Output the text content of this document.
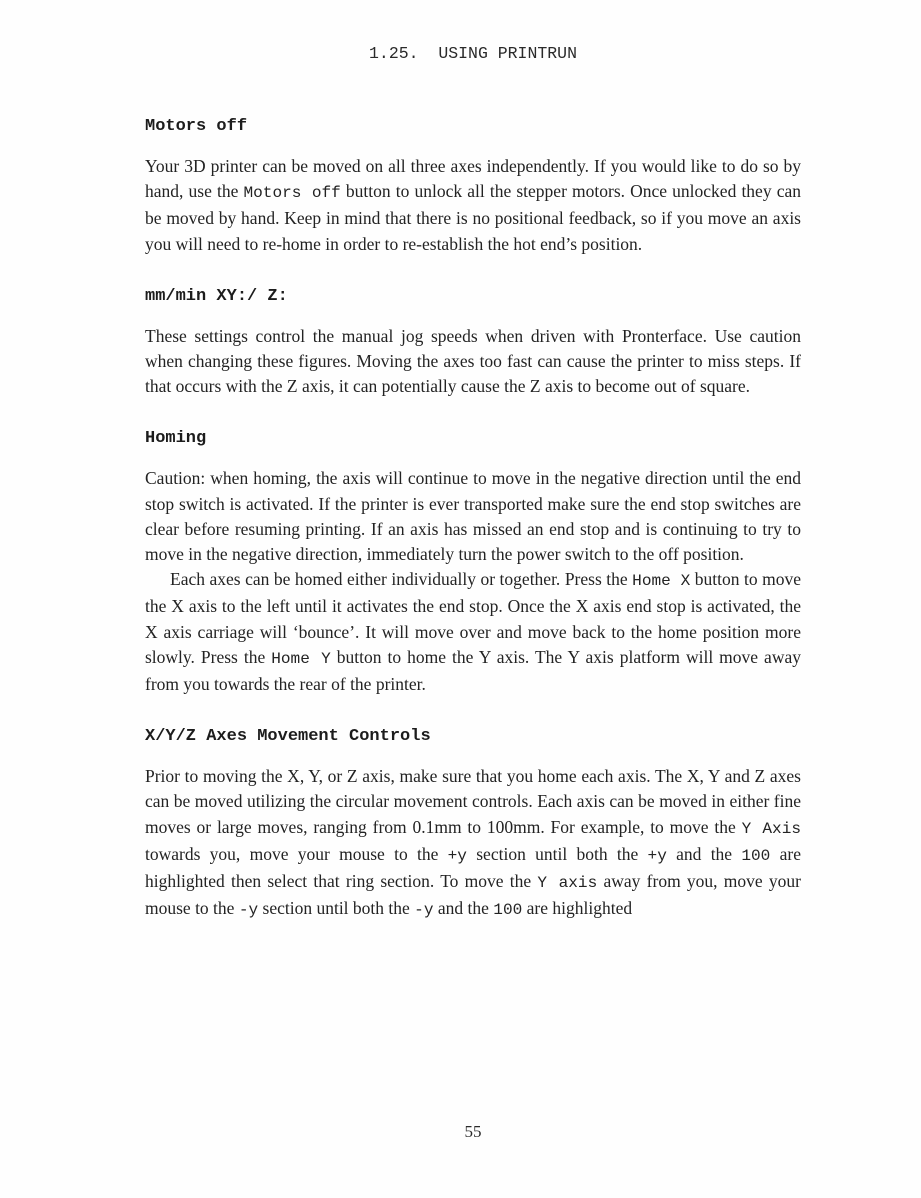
1.25.  USING PRINTRUN
Motors off

Your 3D printer can be moved on all three axes independently. If you would like to do so by hand, use the Motors off button to unlock all the stepper motors. Once unlocked they can be moved by hand. Keep in mind that there is no positional feedback, so if you move an axis you will need to re-home in order to re-establish the hot end’s position.

mm/min XY:/ Z:

These settings control the manual jog speeds when driven with Pronterface. Use caution when changing these figures. Moving the axes too fast can cause the printer to miss steps. If that occurs with the Z axis, it can potentially cause the Z axis to become out of square.

Homing

Caution: when homing, the axis will continue to move in the negative direction until the end stop switch is activated. If the printer is ever transported make sure the end stop switches are clear before resuming printing. If an axis has missed an end stop and is continuing to try to move in the negative direction, immediately turn the power switch to the off position.

Each axes can be homed either individually or together. Press the Home X button to move the X axis to the left until it activates the end stop. Once the X axis end stop is activated, the X axis carriage will ‘bounce’. It will move over and move back to the home position more slowly. Press the Home Y button to home the Y axis. The Y axis platform will move away from you towards the rear of the printer.

X/Y/Z Axes Movement Controls

Prior to moving the X, Y, or Z axis, make sure that you home each axis. The X, Y and Z axes can be moved utilizing the circular movement controls. Each axis can be moved in either fine moves or large moves, ranging from 0.1mm to 100mm. For example, to move the Y Axis towards you, move your mouse to the +y section until both the +y and the 100 are highlighted then select that ring section. To move the Y axis away from you, move your mouse to the -y section until both the -y and the 100 are highlighted

55
